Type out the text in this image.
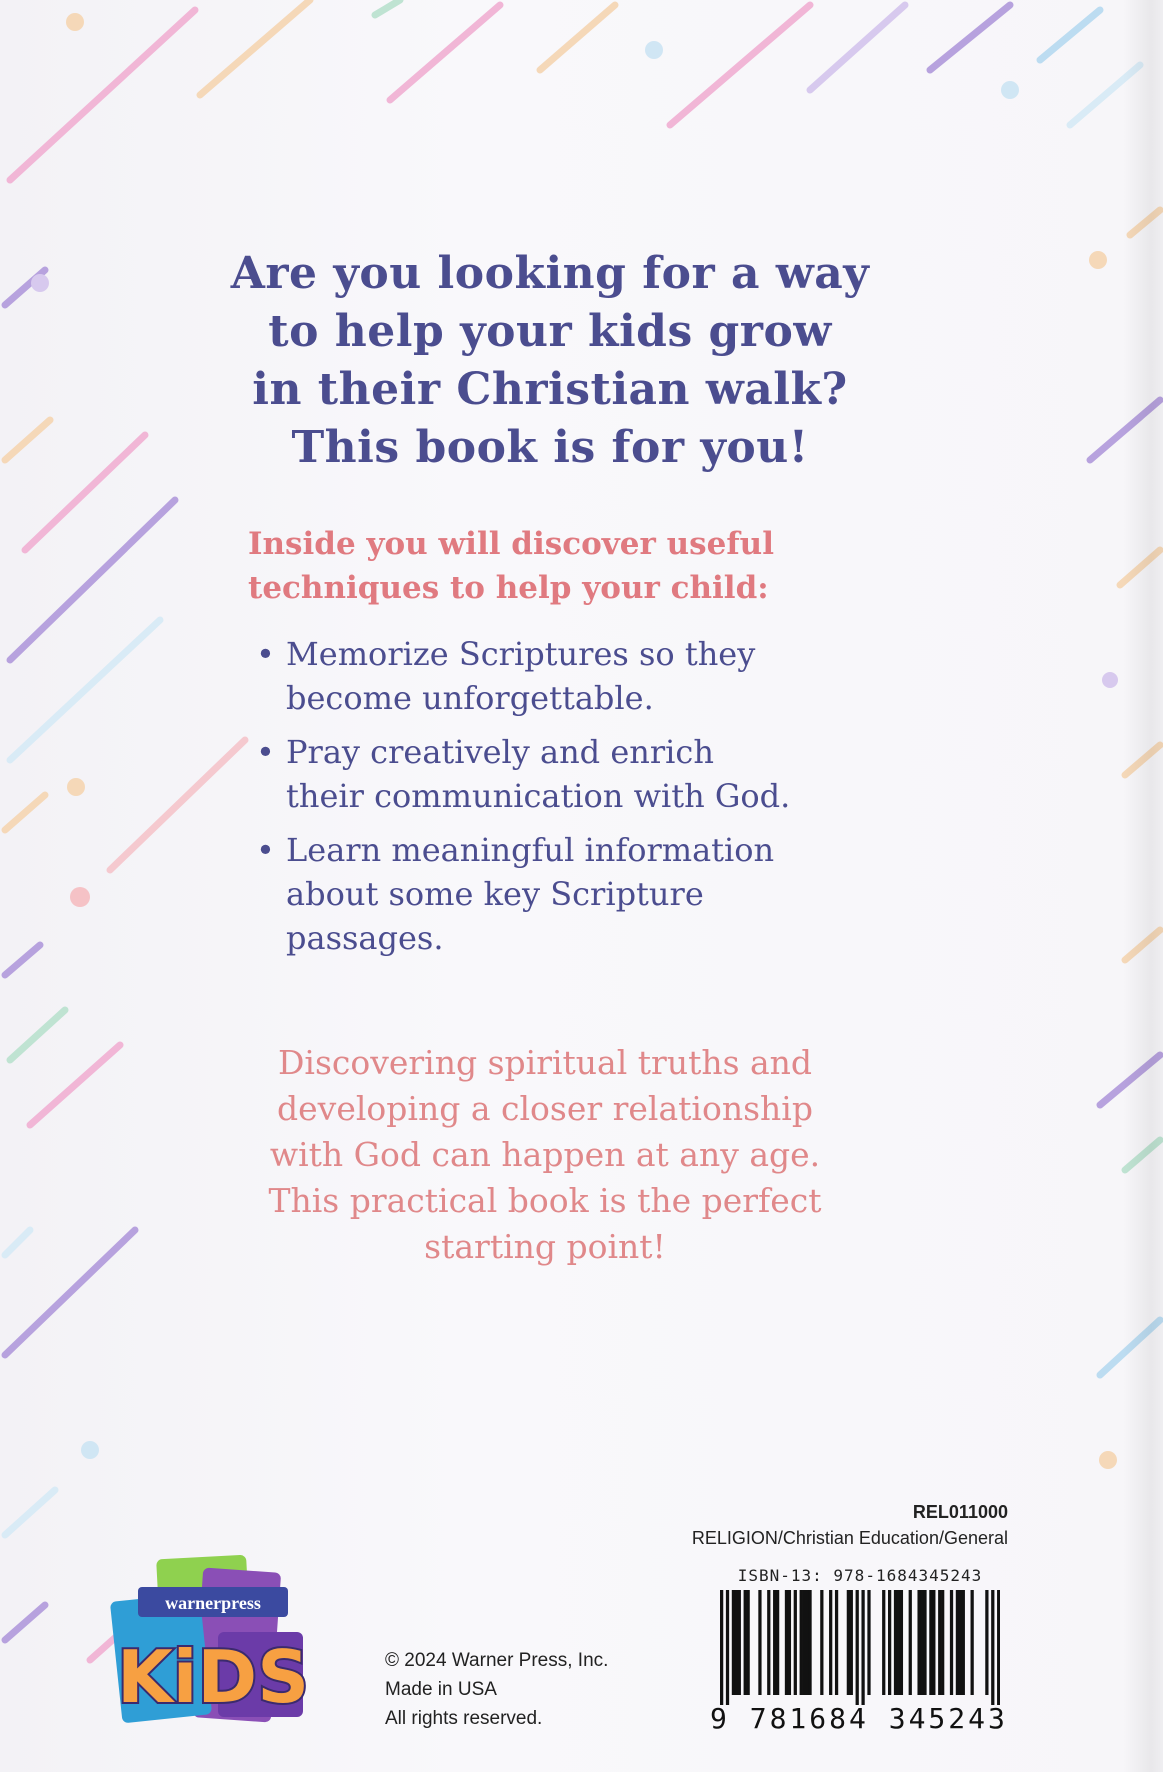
Are you looking for a way
to help your kids grow
in their Christian walk?
This book is for you!
Inside you will discover useful
techniques to help your child:
• Memorize Scriptures so they
become unforgettable.
• Pray creatively and enrich
their communication with God.
• Learn meaningful information
about some key Scripture
passages.
Discovering spiritual truths and
developing a closer relationship
with God can happen at any age.
This practical book is the perfect
starting point!
REL011000
RELIGION/Christian Education/General
ISBN-13: 978-1684345243
9 781684 345243
© 2024 Warner Press, Inc.
Made in USA
All rights reserved.
warnerpress
KiDS
